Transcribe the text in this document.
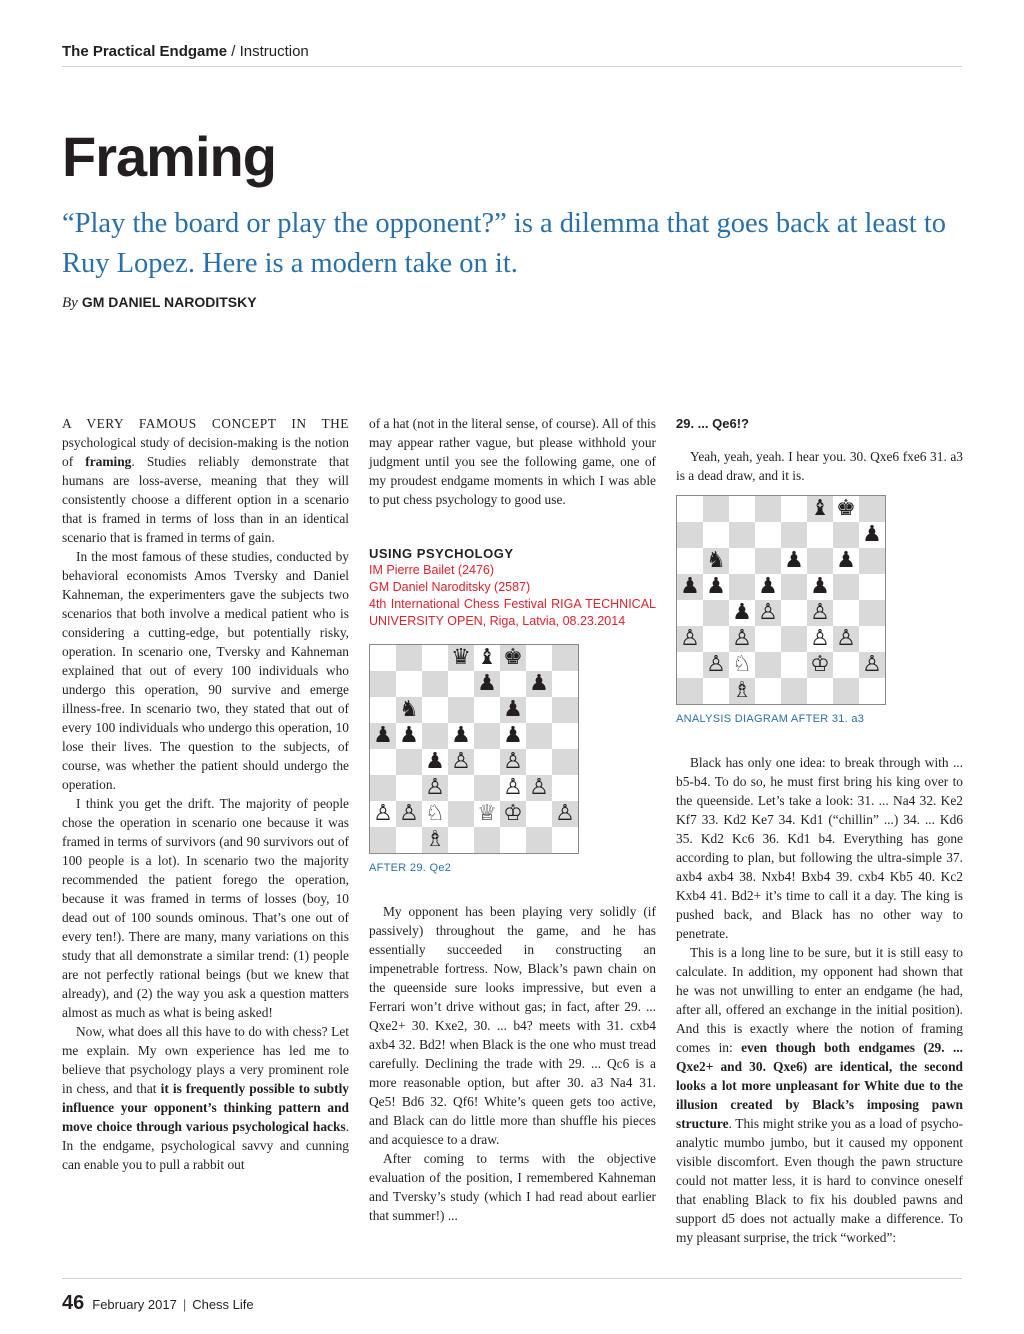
The Practical Endgame / Instruction
Framing
“Play the board or play the opponent?” is a dilemma that goes back at least to Ruy Lopez. Here is a modern take on it.
By GM DANIEL NARODITSKY

A VERY FAMOUS CONCEPT IN THE psychological study of decision-making is the notion of framing. Studies reliably demonstrate that humans are loss-averse, meaning that they will consistently choose a different option in a scenario that is framed in terms of loss than in an identical scenario that is framed in terms of gain.

In the most famous of these studies, conducted by behavioral economists Amos Tversky and Daniel Kahneman, the experimenters gave the subjects two scenarios that both involve a medical patient who is considering a cutting-edge, but potentially risky, operation. In scenario one, Tversky and Kahneman explained that out of every 100 individuals who undergo this operation, 90 survive and emerge illness-free. In scenario two, they stated that out of every 100 individuals who undergo this operation, 10 lose their lives. The question to the subjects, of course, was whether the patient should undergo the operation.

I think you get the drift. The majority of people chose the operation in scenario one because it was framed in terms of survivors (and 90 survivors out of 100 people is a lot). In scenario two the majority recommended the patient forego the operation, because it was framed in terms of losses (boy, 10 dead out of 100 sounds ominous. That’s one out of every ten!). There are many, many variations on this study that all demonstrate a similar trend: (1) people are not perfectly rational beings (but we knew that already), and (2) the way you ask a question matters almost as much as what is being asked!

Now, what does all this have to do with chess? Let me explain. My own experience has led me to believe that psychology plays a very prominent role in chess, and that it is frequently possible to subtly influence your opponent’s thinking pattern and move choice through various psychological hacks. In the endgame, psychological savvy and cunning can enable you to pull a rabbit out

of a hat (not in the literal sense, of course). All of this may appear rather vague, but please withhold your judgment until you see the following game, one of my proudest endgame moments in which I was able to put chess psychology to good use.

USING PSYCHOLOGY
IM Pierre Bailet (2476)
GM Daniel Naroditsky (2587)
4th International Chess Festival RIGA TECHNICAL UNIVERSITY OPEN, Riga, Latvia, 08.23.2014
♛ ♝ ♚
♟ ♟
♞	♟
♟ ♟ ♟ ♟
♟ ♙ ♙
♙	♙ ♙
♙ ♙ ♘ ♕ ♔ ♙
♗
AFTER 29. Qe2

My opponent has been playing very solidly (if passively) throughout the game, and he has essentially succeeded in constructing an impenetrable fortress. Now, Black’s pawn chain on the queenside sure looks impressive, but even a Ferrari won’t drive without gas; in fact, after 29. ... Qxe2+ 30. Kxe2, 30. ... b4? meets with 31. cxb4 axb4 32. Bd2! when Black is the one who must tread carefully. Declining the trade with 29. ... Qc6 is a more reasonable option, but after 30. a3 Na4 31. Qe5! Bd6 32. Qf6! White’s queen gets too active, and Black can do little more than shuffle his pieces and acquiesce to a draw.

After coming to terms with the objective evaluation of the position, I remembered Kahneman and Tversky’s study (which I had read about earlier that summer!) ...

29. ... Qe6!?

Yeah, yeah, yeah. I hear you. 30. Qxe6 fxe6 31. a3 is a dead draw, and it is.

♝ ♚
♟
♞	♟ ♟
♟ ♟ ♟ ♟
♟ ♙ ♙
♙ ♙	♙ ♙
♙ ♘	♔ ♙
♗
ANALYSIS DIAGRAM AFTER 31. a3

Black has only one idea: to break through with ... b5-b4. To do so, he must first bring his king over to the queenside. Let’s take a look: 31. ... Na4 32. Ke2 Kf7 33. Kd2 Ke7 34. Kd1 (“chillin” ...) 34. ... Kd6 35. Kd2 Kc6 36. Kd1 b4. Everything has gone according to plan, but following the ultra-simple 37. axb4 axb4 38. Nxb4! Bxb4 39. cxb4 Kb5 40. Kc2 Kxb4 41. Bd2+ it’s time to call it a day. The king is pushed back, and Black has no other way to penetrate.

This is a long line to be sure, but it is still easy to calculate. In addition, my opponent had shown that he was not unwilling to enter an endgame (he had, after all, offered an exchange in the initial position). And this is exactly where the notion of framing comes in: even though both endgames (29. ... Qxe2+ and 30. Qxe6) are identical, the second looks a lot more unpleasant for White due to the illusion created by Black’s imposing pawn structure. This might strike you as a load of psycho-analytic mumbo jumbo, but it caused my opponent visible discomfort. Even though the pawn structure could not matter less, it is hard to convince oneself that enabling Black to fix his doubled pawns and support d5 does not actually make a difference. To my pleasant surprise, the trick “worked”:

46 February 2017 | Chess Life
